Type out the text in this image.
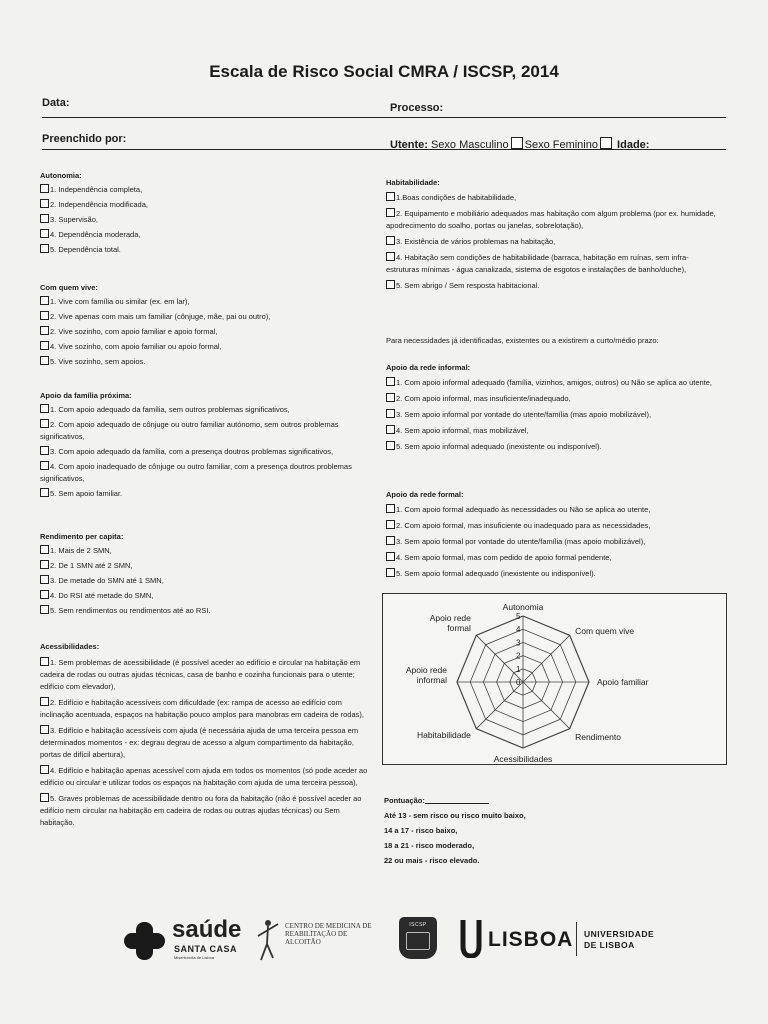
Escala de Risco Social CMRA / ISCSP, 2014
Data:	Processo:
Preenchido por:	Utente: Sexo Masculino Sexo Feminino Idade:
Autonomia:
1. Independência completa,
2. Independência modificada,
3. Supervisão,
4. Dependência moderada,
5. Dependência total.
Com quem vive:
1. Vive com família ou similar (ex. em lar),
2. Vive apenas com mais um familiar (cônjuge, mãe, pai ou outro),
2. Vive sozinho, com apoio familiar e apoio formal,
4. Vive sozinho, com apoio familiar ou apoio formal,
5. Vive sozinho, sem apoios.
Apoio da família próxima:
1. Com apoio adequado da família, sem outros problemas significativos,
2. Com apoio adequado de cônjuge ou outro familiar autónomo, sem outros problemas significativos,
3. Com apoio adequado da família, com a presença doutros problemas significativos,
4. Com apoio inadequado de cônjuge ou outro familiar, com a presença doutros problemas significativos,
5. Sem apoio familiar.
Rendimento per capita:
1. Mais de 2 SMN,
2. De 1 SMN até 2 SMN,
3. De metade do SMN até 1 SMN,
4. Do RSI até metade do SMN,
5. Sem rendimentos ou rendimentos até ao RSI.
Acessibilidades:
1. Sem problemas de acessibilidade (é possível aceder ao edifício e circular na habitação em cadeira de rodas ou outras ajudas técnicas, casa de banho e cozinha funcionais para o utente; edifício com elevador),
2. Edifício e habitação acessíveis com dificuldade (ex: rampa de acesso ao edifício com inclinação acentuada, espaços na habitação pouco amplos para manobras em cadeira de rodas),
3. Edifício e habitação acessíveis com ajuda (é necessária ajuda de uma terceira pessoa em determinados momentos - ex: degrau degrau de acesso a algum compartimento da habitação, portas de difícil abertura),
4. Edifício e habitação apenas acessível com ajuda em todos os momentos (só pode aceder ao edifício ou circular e utilizar todos os espaços na habitação com ajuda de uma terceira pessoa),
5. Graves problemas de acessibilidade dentro ou fora da habitação (não é possível aceder ao edifício nem circular na habitação em cadeira de rodas ou outras ajudas técnicas) ou Sem habitação.
Habitabilidade:
1.Boas condições de habitabilidade,
2. Equipamento e mobiliário adequados mas habitação com algum problema (por ex. humidade, apodrecimento do soalho, portas ou janelas, sobrelotação),
3. Existência de vários problemas na habitação,
4. Habitação sem condições de habitabilidade (barraca, habitação em ruínas, sem infra-estruturas mínimas - água canalizada, sistema de esgotos e instalações de banho/duche),
5. Sem abrigo / Sem resposta habitacional.
Para necessidades já identificadas, existentes ou a existirem a curto/médio prazo:
Apoio da rede informal:
1. Com apoio informal adequado (família, vizinhos, amigos, outros) ou Não se aplica ao utente,
2. Com apoio informal, mas insuficiente/inadequado,
3. Sem apoio informal por vontade do utente/família (mas apoio mobilizável),
4. Sem apoio informal, mas mobilizável,
5. Sem apoio informal adequado (inexistente ou indisponível).
Apoio da rede formal:
1. Com apoio formal adequado às necessidades ou Não se aplica ao utente,
2. Com apoio formal, mas insuficiente ou inadequado para as necessidades,
3. Sem apoio formal por vontade do utente/família (mas apoio mobilizável),
4. Sem apoio formal, mas com pedido de apoio formal pendente,
5. Sem apoio formal adequado (inexistente ou indisponível).
0
1
2
3
4
5
Autonomia
Com quem vive
Apoio familiar
Rendimento
Acessibilidades
Habitabilidade
Apoio rede informal
Apoio rede formal
Pontuação:
Até 13 - sem risco ou risco muito baixo,
14 a 17 - risco baixo,
18 a 21 - risco moderado,
22 ou mais - risco elevado.
saúde
SANTA CASA
Misericórdia de Lisboa
CENTRO DE MEDICINA DE REABILITAÇÃO DE ALCOITÃO
ISCSP
LISBOA UNIVERSIDADE
DE LISBOA
